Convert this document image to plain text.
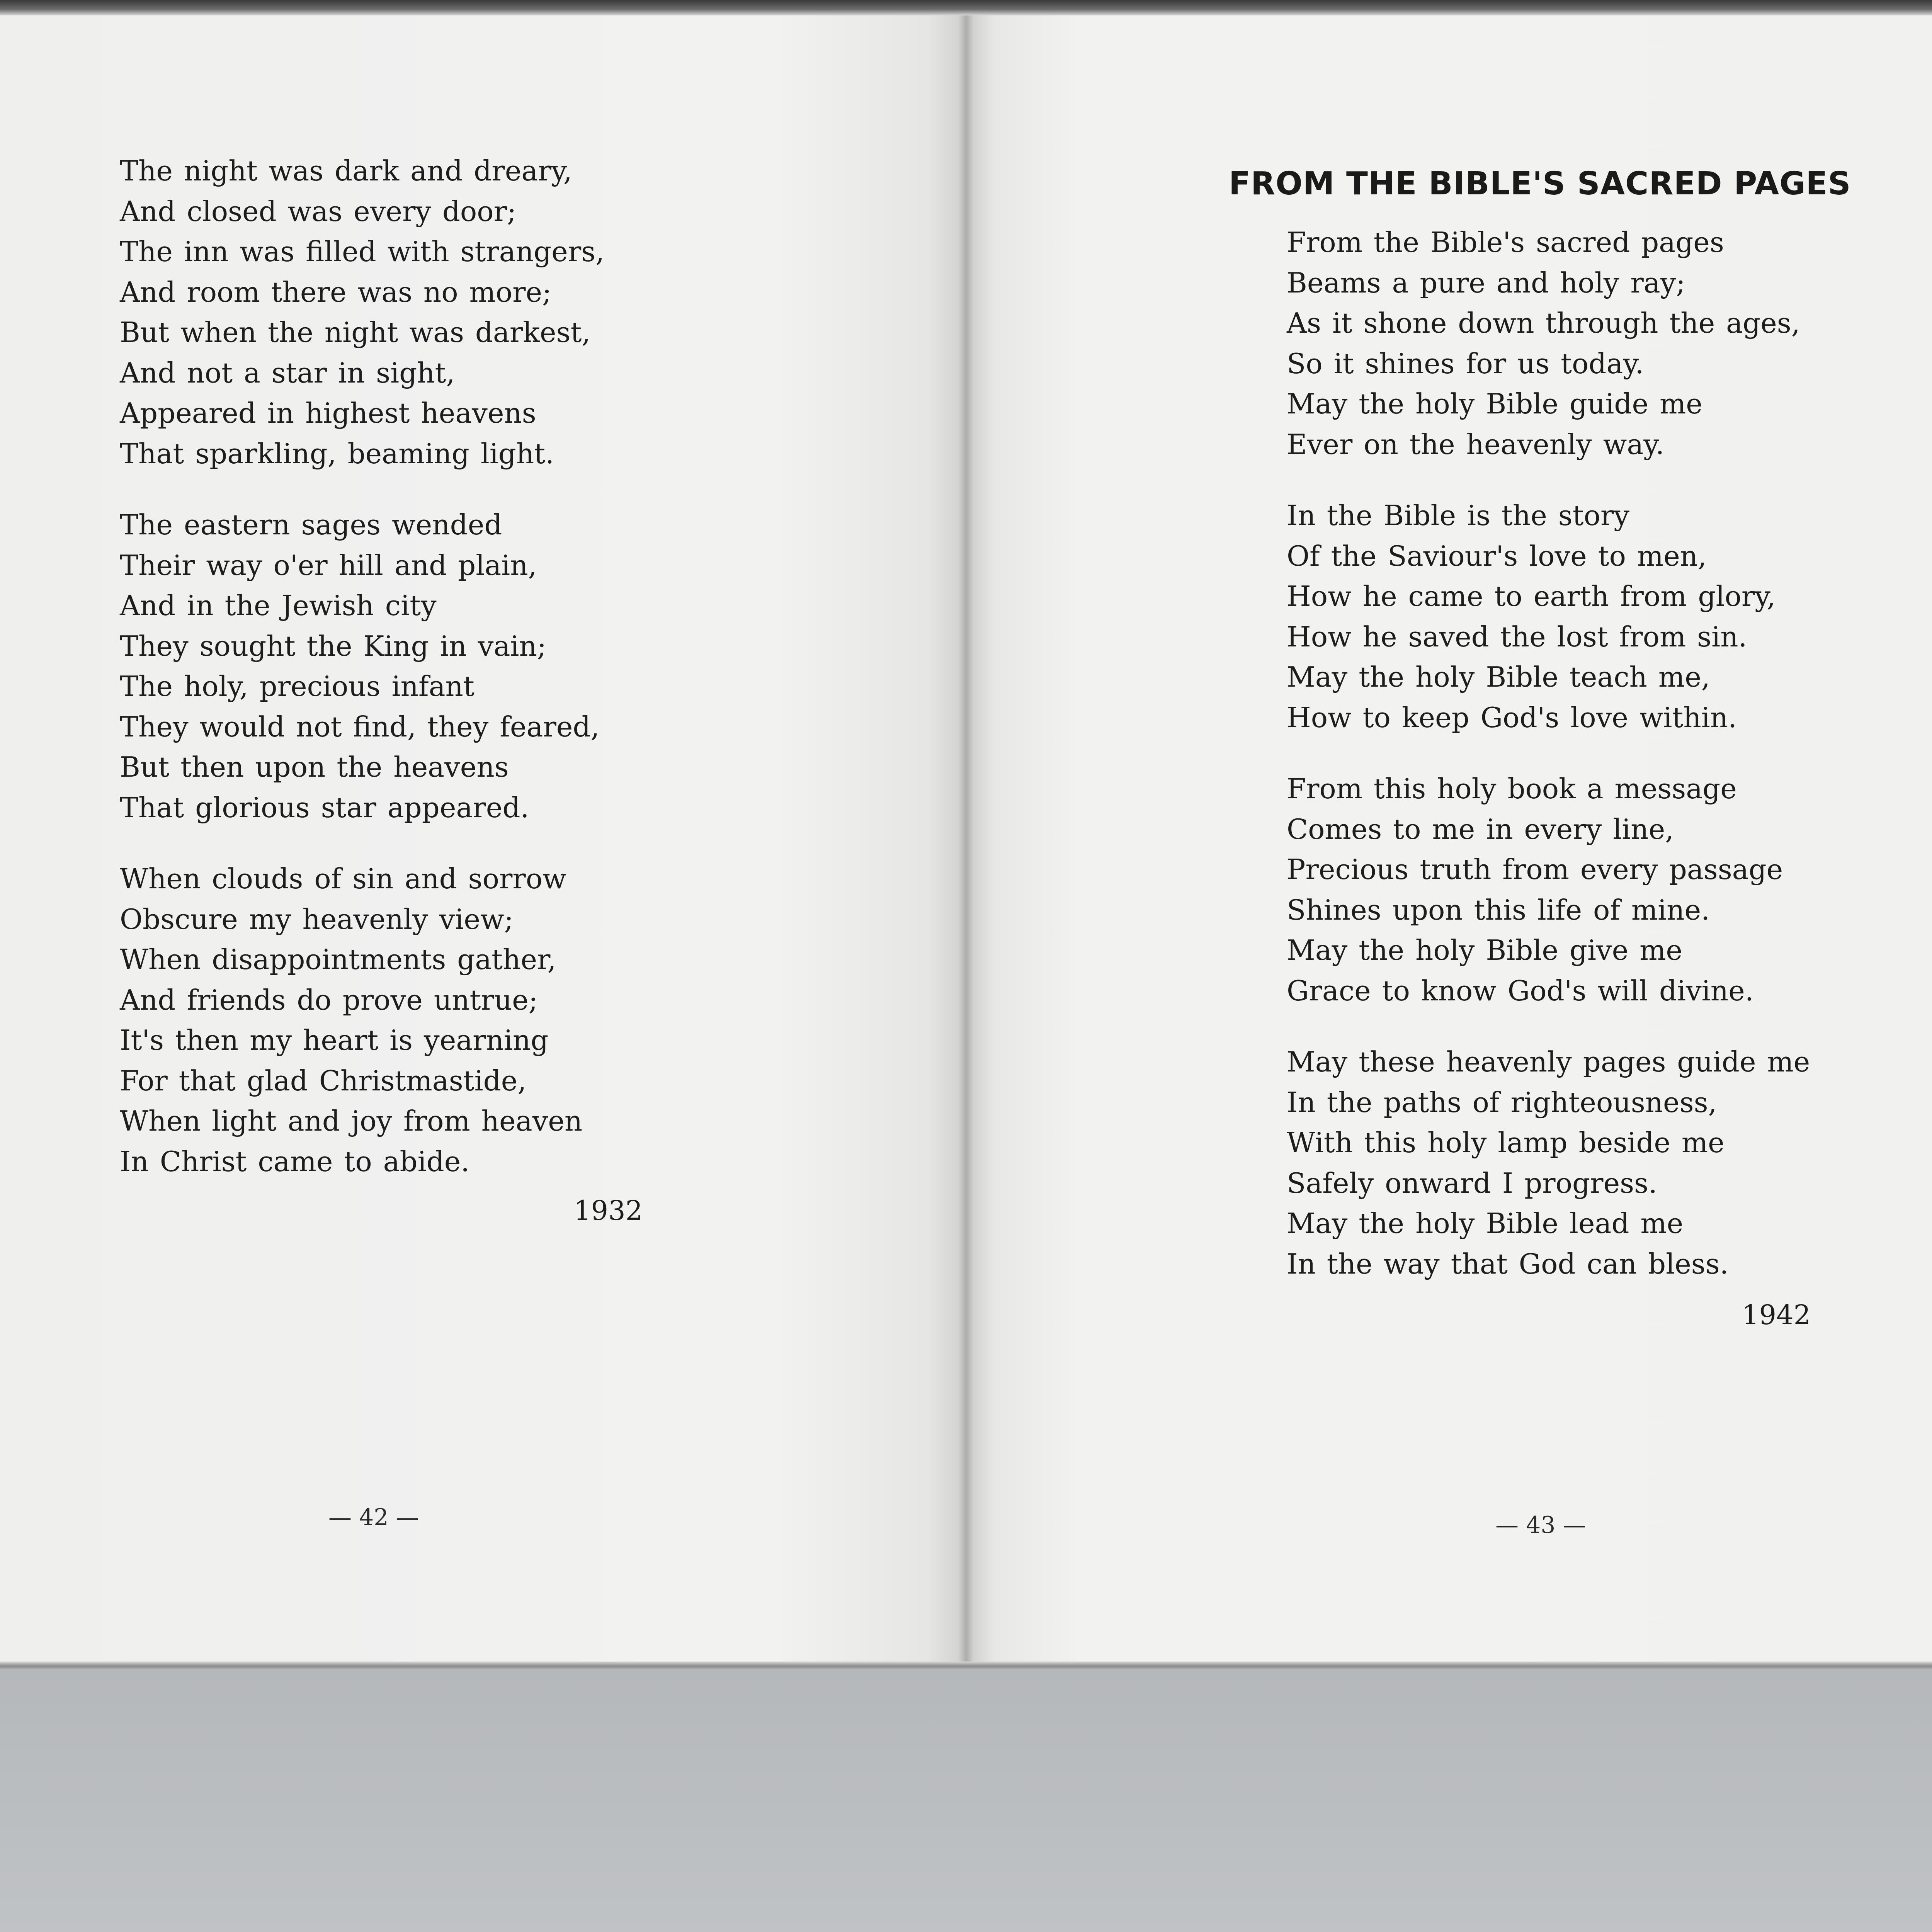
The night was dark and dreary,
And closed was every door;
The inn was filled with strangers,
And room there was no more;
But when the night was darkest,
And not a star in sight,
Appeared in highest heavens
That sparkling, beaming light.
The eastern sages wended
Their way o'er hill and plain,
And in the Jewish city
They sought the King in vain;
The holy, precious infant
They would not find, they feared,
But then upon the heavens
That glorious star appeared.
When clouds of sin and sorrow
Obscure my heavenly view;
When disappointments gather,
And friends do prove untrue;
It's then my heart is yearning
For that glad Christmastide,
When light and joy from heaven
In Christ came to abide.
1932
— 42 —
FROM THE BIBLE'S SACRED PAGES
From the Bible's sacred pages
Beams a pure and holy ray;
As it shone down through the ages,
So it shines for us today.
May the holy Bible guide me
Ever on the heavenly way.
In the Bible is the story
Of the Saviour's love to men,
How he came to earth from glory,
How he saved the lost from sin.
May the holy Bible teach me,
How to keep God's love within.
From this holy book a message
Comes to me in every line,
Precious truth from every passage
Shines upon this life of mine.
May the holy Bible give me
Grace to know God's will divine.
May these heavenly pages guide me
In the paths of righteousness,
With this holy lamp beside me
Safely onward I progress.
May the holy Bible lead me
In the way that God can bless.
1942
— 43 —
